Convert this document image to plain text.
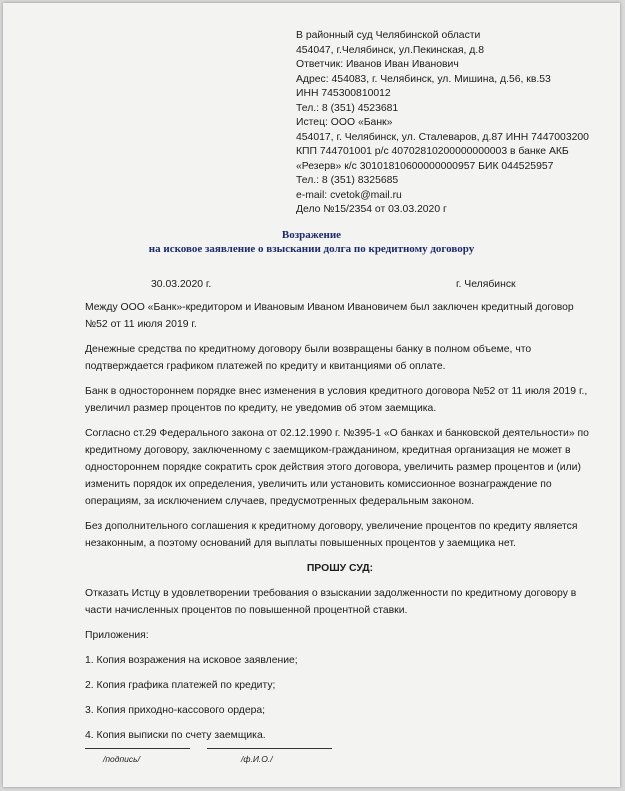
В районный суд Челябинской области
454047, г.Челябинск, ул.Пекинская, д.8
Ответчик: Иванов Иван Иванович
Адрес: 454083, г. Челябинск, ул. Мишина, д.56, кв.53
ИНН 745300810012
Тел.: 8 (351) 4523681
Истец: ООО «Банк»
454017, г. Челябинск, ул. Сталеваров, д.87 ИНН 7447003200
КПП 744701001 р/с 40702810200000000003 в банке АКБ
«Резерв» к/с 30101810600000000957 БИК 044525957
Тел.: 8 (351) 8325685
e-mail: cvetok@mail.ru
Дело №15/2354 от 03.03.2020 г
Возражение
на исковое заявление о взыскании долга по кредитному договору
30.03.2020 г.	г. Челябинск

Между ООО «Банк»-кредитором и Ивановым Иваном Ивановичем был заключен кредитный договор №52 от 11 июля 2019 г.

Денежные средства по кредитному договору были возвращены банку в полном объеме, что подтверждается графиком платежей по кредиту и квитанциями об оплате.

Банк в одностороннем порядке внес изменения в условия кредитного договора №52 от 11 июля 2019 г., увеличил размер процентов по кредиту, не уведомив об этом заемщика.

Согласно ст.29 Федерального закона от 02.12.1990 г. №395-1 «О банках и банковской деятельности» по кредитному договору, заключенному с заемщиком-гражданином, кредитная организация не может в одностороннем порядке сократить срок действия этого договора, увеличить размер процентов и (или) изменить порядок их определения, увеличить или установить комиссионное вознаграждение по операциям, за исключением случаев, предусмотренных федеральным законом.

Без дополнительного соглашения к кредитному договору, увеличение процентов по кредиту является незаконным, а поэтому оснований для выплаты повышенных процентов у заемщика нет.

ПРОШУ СУД:

Отказать Истцу в удовлетворении требования о взыскании задолженности по кредитному договору в части начисленных процентов по повышенной процентной ставки.

Приложения:

1. Копия возражения на исковое заявление;

2. Копия графика платежей по кредиту;

3. Копия приходно-кассового ордера;

4. Копия выписки по счету заемщика.

/подпись/	/ф.И.О./
